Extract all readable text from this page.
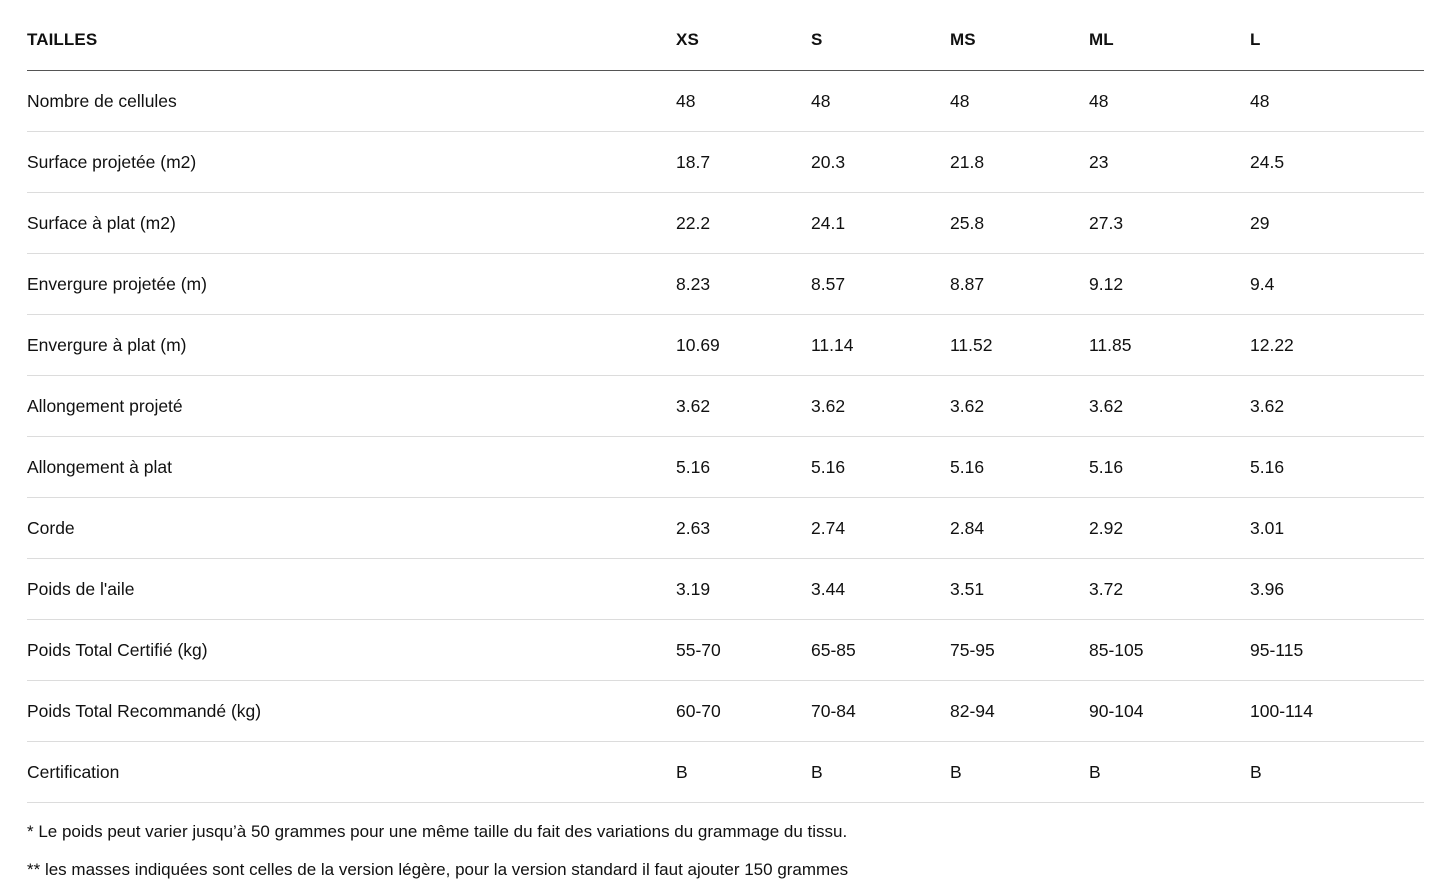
TAILLES	XS	S	MS	ML	L
Nombre de cellules	48	48	48	48	48
Surface projetée (m2)	18.7	20.3	21.8	23	24.5
Surface à plat (m2)	22.2	24.1	25.8	27.3	29
Envergure projetée (m)	8.23	8.57	8.87	9.12	9.4
Envergure à plat (m)	10.69	11.14	11.52	11.85	12.22
Allongement projeté	3.62	3.62	3.62	3.62	3.62
Allongement à plat	5.16	5.16	5.16	5.16	5.16
Corde	2.63	2.74	2.84	2.92	3.01
Poids de l'aile	3.19	3.44	3.51	3.72	3.96
Poids Total Certifié (kg)	55-70	65-85	75-95	85-105	95-115
Poids Total Recommandé (kg)	60-70	70-84	82-94	90-104	100-114
Certification	B	B	B	B	B

* Le poids peut varier jusqu’à 50 grammes pour une même taille du fait des variations du grammage du tissu.

** les masses indiquées sont celles de la version légère, pour la version standard il faut ajouter 150 grammes
